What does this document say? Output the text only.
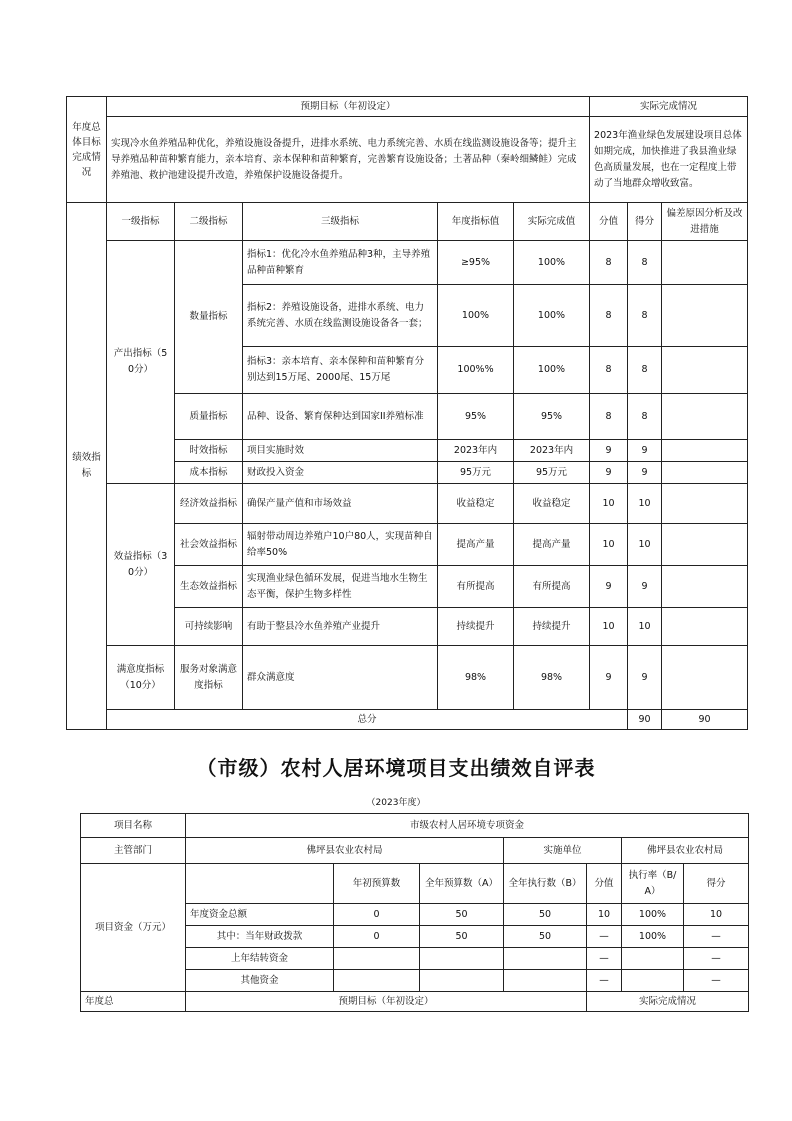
年度总体目标完成情况	预期目标（年初设定）					实际完成情况			
	实现冷水鱼养殖品种优化，养殖设施设备提升，进排水系统、电力系统完善、水质在线监测设施设备等；提升主导养殖品种苗种繁育能力，亲本培育、亲本保种和苗种繁育，完善繁育设施设备；土著品种（秦岭细鳞鲑）完成养殖池、救护池建设提升改造，养殖保护设施设备提升。					2023年渔业绿色发展建设项目总体如期完成，加快推进了我县渔业绿色高质量发展，也在一定程度上带动了当地群众增收致富。			
绩效指标	一级指标	二级指标	三级指标	年度指标值	实际完成值	分值	得分	偏差原因分析及改进措施	
	产出指标（50分）	数量指标	指标1：优化冷水鱼养殖品种3种，主导养殖品种苗种繁育	≥95%	100%	8	8		
			指标2：养殖设施设备，进排水系统、电力系统完善、水质在线监测设施设备各一套；	100%	100%	8	8		
			指标3：亲本培育、亲本保种和苗种繁育分别达到15万尾、2000尾、15万尾	100%%	100%	8	8		
		质量指标	品种、设备、繁育保种达到国家II养殖标准	95%	95%	8	8		
		时效指标	项目实施时效	2023年内	2023年内	9	9		
		成本指标	财政投入资金	95万元	95万元	9	9		
	效益指标（30分）	经济效益指标	确保产量产值和市场效益	收益稳定	收益稳定	10	10		
		社会效益指标	辐射带动周边养殖户10户80人，实现苗种自给率50%	提高产量	提高产量	10	10		
		生态效益指标	实现渔业绿色循环发展，促进当地水生物生态平衡，保护生物多样性	有所提高	有所提高	9	9		
		可持续影响	有助于整县冷水鱼养殖产业提升	持续提升	持续提升	10	10		
	满意度指标（10分）	服务对象满意度指标	群众满意度	98%	98%	9	9		
	总分						90	90	
（市级）农村人居环境项目支出绩效自评表
（2023年度）
项目名称	市级农村人居环境专项资金						
主管部门	佛坪县农业农村局			实施单位		佛坪县农业农村局	
项目资金（万元）		年初预算数	全年预算数（A）	全年执行数（B）	分值	执行率（B/A）	得分
	年度资金总额	0	50	50	10	100%	10
	其中：当年财政拨款	0	50	50	—	100%	—
	上年结转资金				—		—
	其他资金				—		—
年度总	预期目标（年初设定）				实际完成情况		
